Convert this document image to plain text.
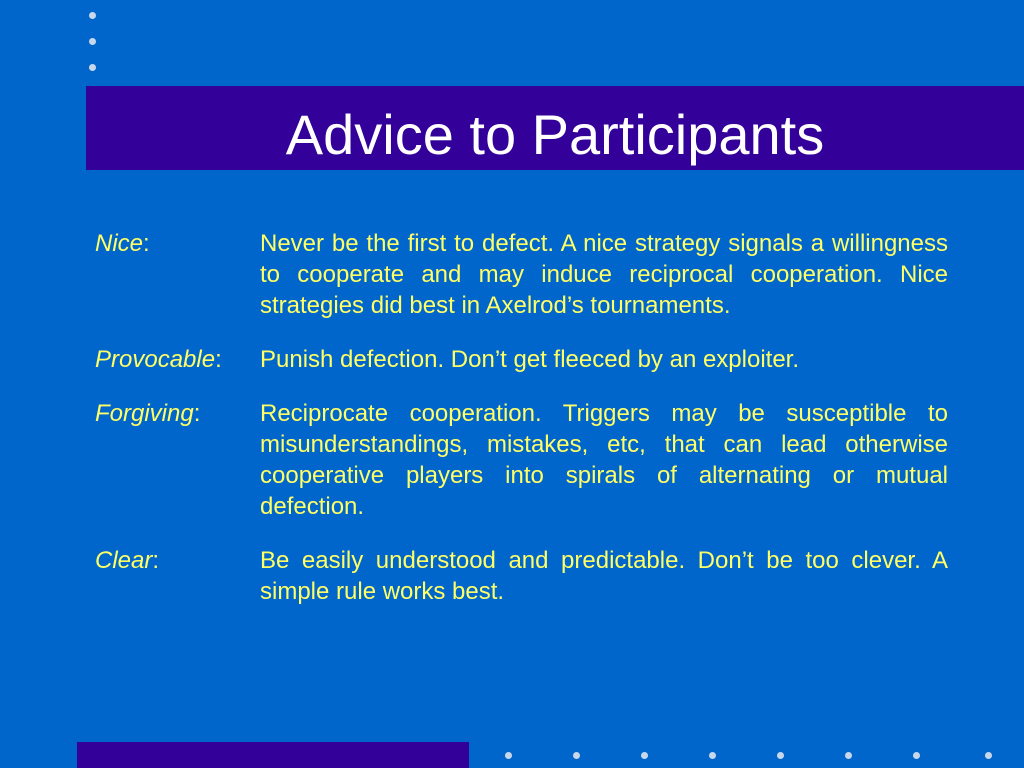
Advice to Participants
Nice:	Never be the first to defect. A nice strategy signals a willingness to cooperate and may induce reciprocal cooperation. Nice strategies did best in Axelrod’s tournaments.
Provocable: Punish defection. Don’t get fleeced by an exploiter.
Forgiving: Reciprocate cooperation. Triggers may be susceptible to misunderstandings, mistakes, etc, that can lead otherwise cooperative players into spirals of alternating or mutual defection.
Clear:	Be easily understood and predictable. Don’t be too clever. A simple rule works best.
